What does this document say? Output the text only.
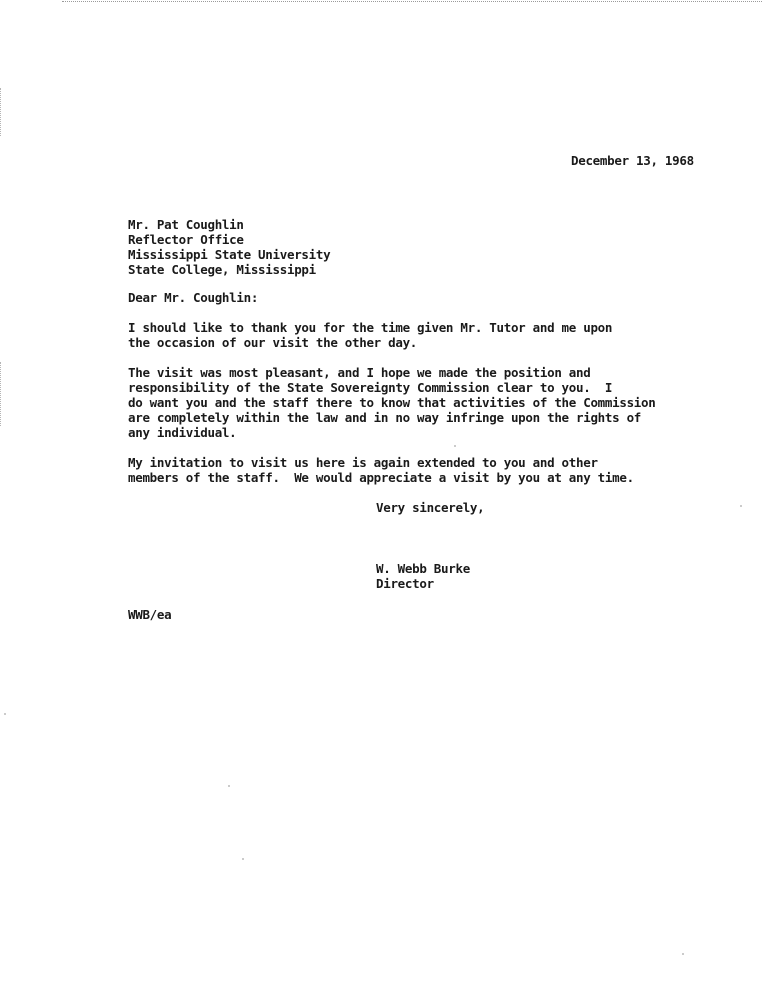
December 13, 1968
Mr. Pat Coughlin
Reflector Office
Mississippi State University
State College, Mississippi
Dear Mr. Coughlin:
I should like to thank you for the time given Mr. Tutor and me upon
the occasion of our visit the other day.
The visit was most pleasant, and I hope we made the position and
responsibility of the State Sovereignty Commission clear to you.  I
do want you and the staff there to know that activities of the Commission
are completely within the law and in no way infringe upon the rights of
any individual.
My invitation to visit us here is again extended to you and other
members of the staff.  We would appreciate a visit by you at any time.
Very sincerely,
W. Webb Burke
Director
WWB/ea
